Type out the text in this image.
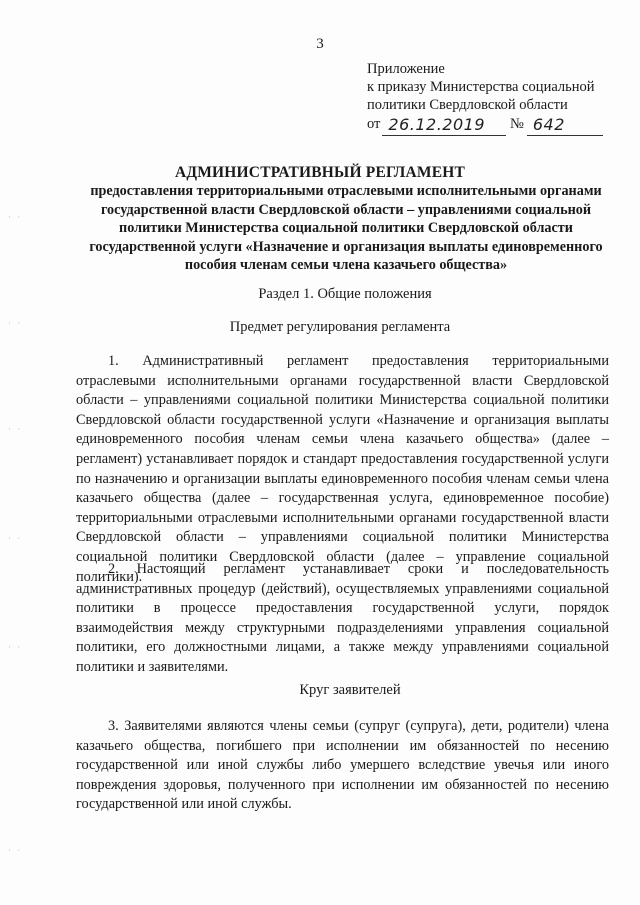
3
Приложение
к приказу Министерства социальной
политики Свердловской области
от 26.12.2019 № 642
АДМИНИСТРАТИВНЫЙ РЕГЛАМЕНТ
предоставления территориальными отраслевыми исполнительными органами государственной власти Свердловской области – управлениями социальной политики Министерства социальной политики Свердловской области государственной услуги «Назначение и организация выплаты единовременного пособия членам семьи члена казачьего общества»
Раздел 1. Общие положения
Предмет регулирования регламента

1. Административный регламент предоставления территориальными отраслевыми исполнительными органами государственной власти Свердловской области – управлениями социальной политики Министерства социальной политики Свердловской области государственной услуги «Назначение и организация выплаты единовременного пособия членам семьи члена казачьего общества» (далее – регламент) устанавливает порядок и стандарт предоставления государственной услуги по назначению и организации выплаты единовременного пособия членам семьи члена казачьего общества (далее – государственная услуга, единовременное пособие) территориальными отраслевыми исполнительными органами государственной власти Свердловской области – управлениями социальной политики Министерства социальной политики Свердловской области (далее – управление социальной политики).

2. Настоящий регламент устанавливает сроки и последовательность административных процедур (действий), осуществляемых управлениями социальной политики в процессе предоставления государственной услуги, порядок взаимодействия между структурными подразделениями управления социальной политики, его должностными лицами, а также между управлениями социальной политики и заявителями.

Круг заявителей

3. Заявителями являются члены семьи (супруг (супруга), дети, родители) члена казачьего общества, погибшего при исполнении им обязанностей по несению государственной или иной службы либо умершего вследствие увечья или иного повреждения здоровья, полученного при исполнении им обязанностей по несению государственной или иной службы.

· ·
· ·
· ·
· ·
· ·
· ·
